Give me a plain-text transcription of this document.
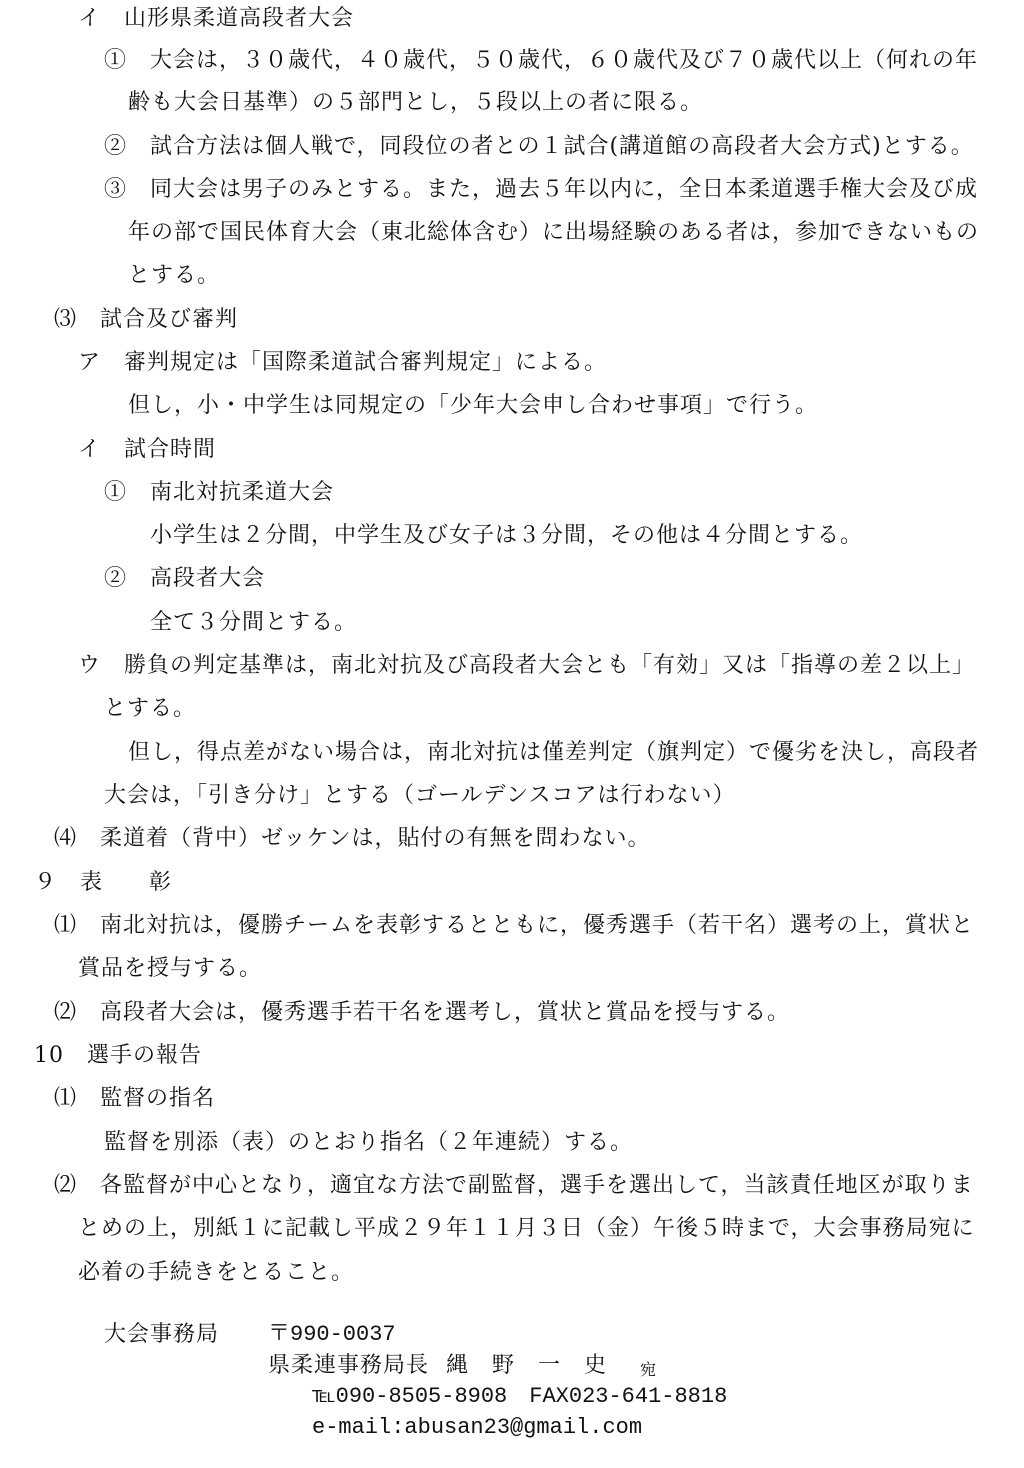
イ　山形県柔道高段者大会
①　大会は，３０歳代，４０歳代，５０歳代，６０歳代及び７０歳代以上（何れの年
齢も大会日基準）の５部門とし，５段以上の者に限る。
②　試合方法は個人戦で，同段位の者との１試合(講道館の高段者大会方式)とする。
③　同大会は男子のみとする。また，過去５年以内に，全日本柔道選手権大会及び成
年の部で国民体育大会（東北総体含む）に出場経験のある者は，参加できないもの
とする。
⑶　試合及び審判
ア　審判規定は「国際柔道試合審判規定」による。
但し，小・中学生は同規定の「少年大会申し合わせ事項」で行う。
イ　試合時間
①　南北対抗柔道大会
小学生は２分間，中学生及び女子は３分間，その他は４分間とする。
②　高段者大会
全て３分間とする。
ウ　勝負の判定基準は，南北対抗及び高段者大会とも「有効」又は「指導の差２以上」
とする。
但し，得点差がない場合は，南北対抗は僅差判定（旗判定）で優劣を決し，高段者
大会は，「引き分け」とする（ゴールデンスコアは行わない）
⑷　柔道着（背中）ゼッケンは，貼付の有無を問わない。
９　表　　彰
⑴　南北対抗は，優勝チームを表彰するとともに，優秀選手（若干名）選考の上，賞状と
賞品を授与する。
⑵　高段者大会は，優秀選手若干名を選考し，賞状と賞品を授与する。
10　選手の報告
⑴　監督の指名
監督を別添（表）のとおり指名（２年連続）する。
⑵　各監督が中心となり，適宜な方法で副監督，選手を選出して，当該責任地区が取りま
とめの上，別紙１に記載し平成２９年１１月３日（金）午後５時まで，大会事務局宛に
必着の手続きをとること。
大会事務局 〒990-0037
県柔連事務局長 縄　野　一　史 宛
℡090-8505-8908　FAX023-641-8818
e-mail:abusan23@gmail.com
